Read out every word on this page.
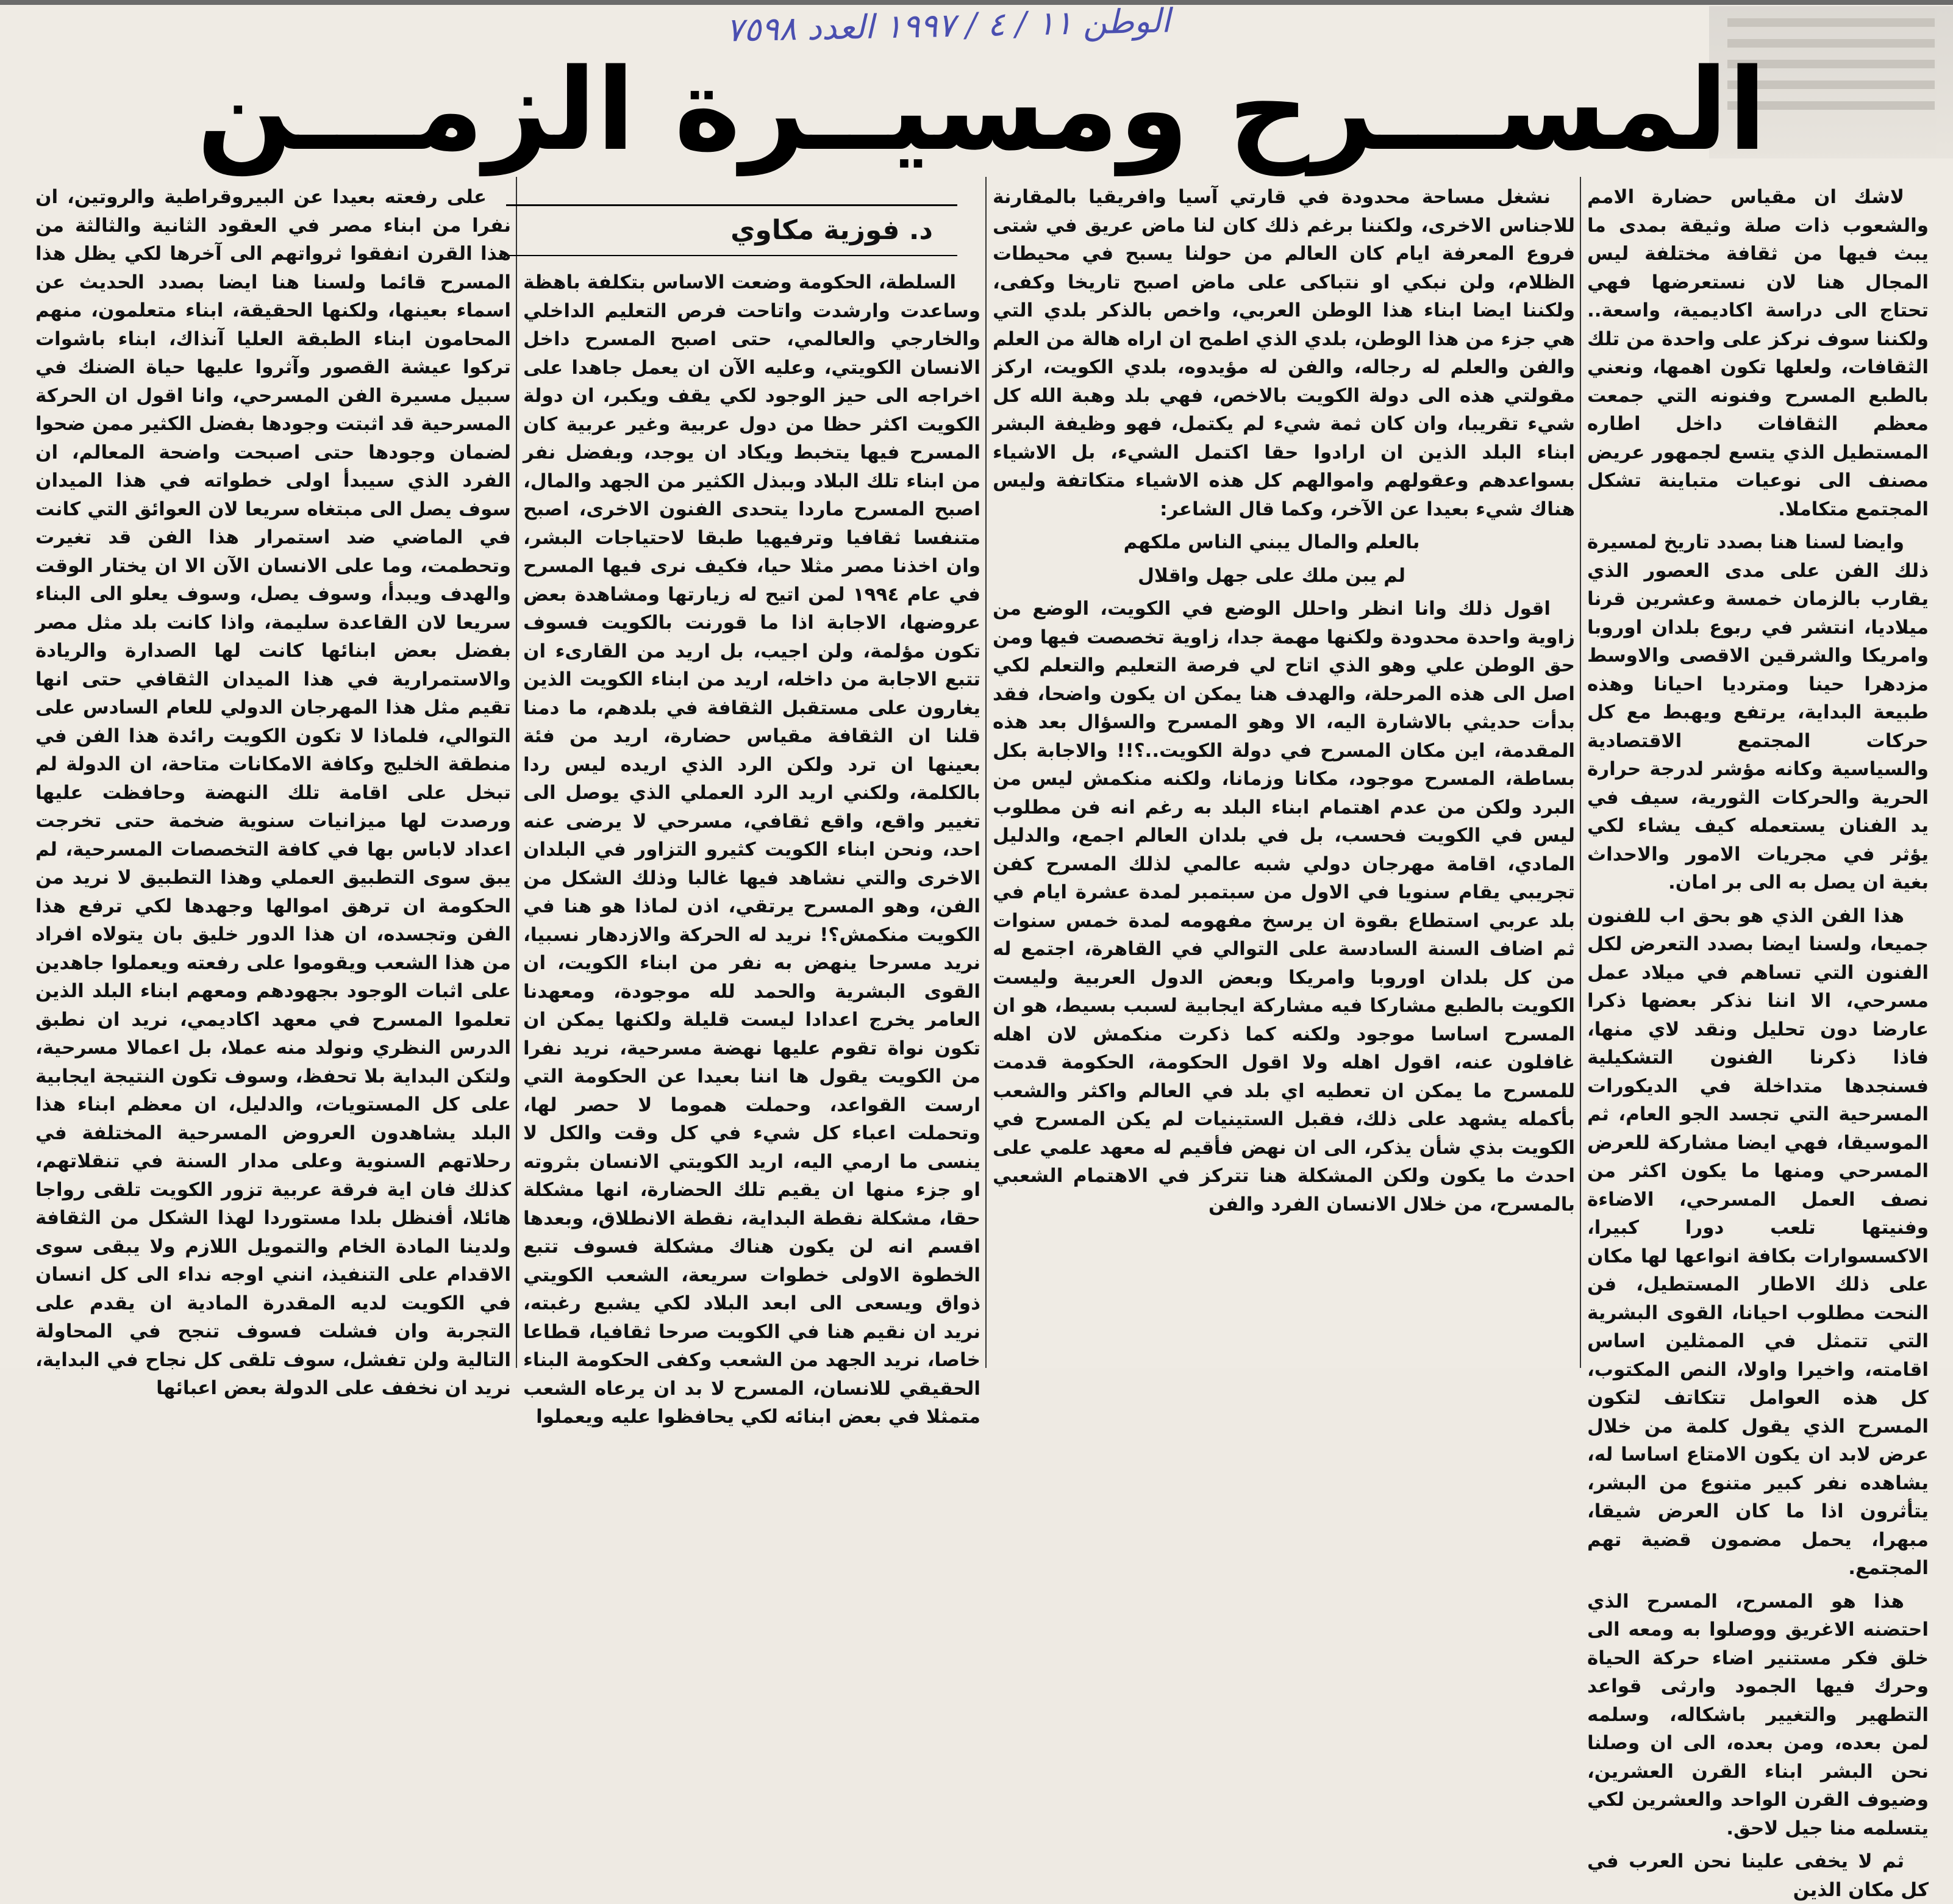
الوطن ١١ / ٤ / ١٩٩٧ العدد ٧٥٩٨
المســـرح ومسيــرة الزمـــن
د. فوزية مكاوي

لاشك ان مقياس حضارة الامم والشعوب ذات صلة وثيقة بمدى ما يبث فيها من ثقافة مختلفة ليس المجال هنا لان نستعرضها فهي تحتاج الى دراسة اكاديمية، واسعة.. ولكننا سوف نركز على واحدة من تلك الثقافات، ولعلها تكون اهمها، ونعني بالطبع المسرح وفنونه التي جمعت معظم الثقافات داخل اطاره المستطيل الذي يتسع لجمهور عريض مصنف الى نوعيات متباينة تشكل المجتمع متكاملا.

وايضا لسنا هنا بصدد تاريخ لمسيرة ذلك الفن على مدى العصور الذي يقارب بالزمان خمسة وعشرين قرنا ميلاديا، انتشر في ربوع بلدان اوروبا وامريكا والشرقين الاقصى والاوسط مزدهرا حينا ومترديا احيانا وهذه طبيعة البداية، يرتفع ويهبط مع كل حركات المجتمع الاقتصادية والسياسية وكانه مؤشر لدرجة حرارة الحرية والحركات الثورية، سيف في يد الفنان يستعمله كيف يشاء لكي يؤثر في مجريات الامور والاحداث بغية ان يصل به الى بر امان.

هذا الفن الذي هو بحق اب للفنون جميعا، ولسنا ايضا بصدد التعرض لكل الفنون التي تساهم في ميلاد عمل مسرحي، الا اننا نذكر بعضها ذكرا عارضا دون تحليل ونقد لاي منها، فاذا ذكرنا الفنون التشكيلية فسنجدها متداخلة في الديكورات المسرحية التي تجسد الجو العام، ثم الموسيقا، فهي ايضا مشاركة للعرض المسرحي ومنها ما يكون اكثر من نصف العمل المسرحي، الاضاءة وفنيتها تلعب دورا كبيرا، الاكسسوارات بكافة انواعها لها مكان على ذلك الاطار المستطيل، فن النحت مطلوب احيانا، القوى البشرية التي تتمثل في الممثلين اساس اقامته، واخيرا واولا، النص المكتوب، كل هذه العوامل تتكاتف لتكون المسرح الذي يقول كلمة من خلال عرض لابد ان يكون الامتاع اساسا له، يشاهده نفر كبير متنوع من البشر، يتأثرون اذا ما كان العرض شيقا، مبهرا، يحمل مضمون قضية تهم المجتمع.

هذا هو المسرح، المسرح الذي احتضنه الاغريق ووصلوا به ومعه الى خلق فكر مستنير اضاء حركة الحياة وحرك فيها الجمود وارثى قواعد التطهير والتغيير باشكاله، وسلمه لمن بعده، ومن بعده، الى ان وصلنا نحن البشر ابناء القرن العشرين، وضيوف القرن الواحد والعشرين لكي يتسلمه منا جيل لاحق.

ثم لا يخفى علينا نحن العرب في كل مكان الذين

نشغل مساحة محدودة في قارتي آسيا وافريقيا بالمقارنة للاجناس الاخرى، ولكننا برغم ذلك كان لنا ماض عريق في شتى فروع المعرفة ايام كان العالم من حولنا يسبح في محيطات الظلام، ولن نبكي او نتباكى على ماض اصبح تاريخا وكفى، ولكننا ايضا ابناء هذا الوطن العربي، واخص بالذكر بلدي التي هي جزء من هذا الوطن، بلدي الذي اطمح ان اراه هالة من العلم والفن والعلم له رجاله، والفن له مؤيدوه، بلدي الكويت، اركز مقولتي هذه الى دولة الكويت بالاخص، فهي بلد وهبة الله كل شيء تقريبا، وان كان ثمة شيء لم يكتمل، فهو وظيفة البشر ابناء البلد الذين ان ارادوا حقا اكتمل الشيء، بل الاشياء بسواعدهم وعقولهم واموالهم كل هذه الاشياء متكاتفة وليس هناك شيء بعيدا عن الآخر، وكما قال الشاعر:

بالعلم والمال يبني الناس ملكهم

لم يبن ملك على جهل واقلال

اقول ذلك وانا انظر واحلل الوضع في الكويت، الوضع من زاوية واحدة محدودة ولكنها مهمة جدا، زاوية تخصصت فيها ومن حق الوطن علي وهو الذي اتاح لي فرصة التعليم والتعلم لكي اصل الى هذه المرحلة، والهدف هنا يمكن ان يكون واضحا، فقد بدأت حديثي بالاشارة اليه، الا وهو المسرح والسؤال بعد هذه المقدمة، اين مكان المسرح في دولة الكويت..؟!! والاجابة بكل بساطة، المسرح موجود، مكانا وزمانا، ولكنه منكمش ليس من البرد ولكن من عدم اهتمام ابناء البلد به رغم انه فن مطلوب ليس في الكويت فحسب، بل في بلدان العالم اجمع، والدليل المادي، اقامة مهرجان دولي شبه عالمي لذلك المسرح كفن تجريبي يقام سنويا في الاول من سبتمبر لمدة عشرة ايام في بلد عربي استطاع بقوة ان يرسخ مفهومه لمدة خمس سنوات ثم اضاف السنة السادسة على التوالي في القاهرة، اجتمع له من كل بلدان اوروبا وامريكا وبعض الدول العربية وليست الكويت بالطبع مشاركا فيه مشاركة ايجابية لسبب بسيط، هو ان المسرح اساسا موجود ولكنه كما ذكرت منكمش لان اهله غافلون عنه، اقول اهله ولا اقول الحكومة، الحكومة قدمت للمسرح ما يمكن ان تعطيه اي بلد في العالم واكثر والشعب بأكمله يشهد على ذلك، فقبل الستينيات لم يكن المسرح في الكويت بذي شأن يذكر، الى ان نهض فأقيم له معهد علمي على احدث ما يكون ولكن المشكلة هنا تتركز في الاهتمام الشعبي بالمسرح، من خلال الانسان الفرد والفن

السلطة، الحكومة وضعت الاساس بتكلفة باهظة وساعدت وارشدت واتاحت فرص التعليم الداخلي والخارجي والعالمي، حتى اصبح المسرح داخل الانسان الكويتي، وعليه الآن ان يعمل جاهدا على اخراجه الى حيز الوجود لكي يقف ويكبر، ان دولة الكويت اكثر حظا من دول عربية وغير عربية كان المسرح فيها يتخبط ويكاد ان يوجد، وبفضل نفر من ابناء تلك البلاد وببذل الكثير من الجهد والمال، اصبح المسرح ماردا يتحدى الفنون الاخرى، اصبح متنفسا ثقافيا وترفيهيا طبقا لاحتياجات البشر، وان اخذنا مصر مثلا حيا، فكيف نرى فيها المسرح في عام ١٩٩٤ لمن اتيح له زيارتها ومشاهدة بعض عروضها، الاجابة اذا ما قورنت بالكويت فسوف تكون مؤلمة، ولن اجيب، بل اريد من القارىء ان تتبع الاجابة من داخله، اريد من ابناء الكويت الذين يغارون على مستقبل الثقافة في بلدهم، ما دمنا قلنا ان الثقافة مقياس حضارة، اريد من فئة بعينها ان ترد ولكن الرد الذي اريده ليس ردا بالكلمة، ولكني اريد الرد العملي الذي يوصل الى تغيير واقع، واقع ثقافي، مسرحي لا يرضى عنه احد، ونحن ابناء الكويت كثيرو التزاور في البلدان الاخرى والتي نشاهد فيها غالبا وذلك الشكل من الفن، وهو المسرح يرتقي، اذن لماذا هو هنا في الكويت منكمش؟! نريد له الحركة والازدهار نسبيا، نريد مسرحا ينهض به نفر من ابناء الكويت، ان القوى البشرية والحمد لله موجودة، ومعهدنا العامر يخرج اعدادا ليست قليلة ولكنها يمكن ان تكون نواة تقوم عليها نهضة مسرحية، نريد نفرا من الكويت يقول ها اننا بعيدا عن الحكومة التي ارست القواعد، وحملت هموما لا حصر لها، وتحملت اعباء كل شيء في كل وقت والكل لا ينسى ما ارمي اليه، اريد الكويتي الانسان بثروته او جزء منها ان يقيم تلك الحضارة، انها مشكلة حقا، مشكلة نقطة البداية، نقطة الانطلاق، وبعدها اقسم انه لن يكون هناك مشكلة فسوف تتبع الخطوة الاولى خطوات سريعة، الشعب الكويتي ذواق ويسعى الى ابعد البلاد لكي يشبع رغبته، نريد ان نقيم هنا في الكويت صرحا ثقافيا، قطاعا خاصا، نريد الجهد من الشعب وكفى الحكومة البناء الحقيقي للانسان، المسرح لا بد ان يرعاه الشعب متمثلا في بعض ابنائه لكي يحافظوا عليه ويعملوا

على رفعته بعيدا عن البيروقراطية والروتين، ان نفرا من ابناء مصر في العقود الثانية والثالثة من هذا القرن انفقوا ثرواتهم الى آخرها لكي يظل هذا المسرح قائما ولسنا هنا ايضا بصدد الحديث عن اسماء بعينها، ولكنها الحقيقة، ابناء متعلمون، منهم المحامون ابناء الطبقة العليا آنذاك، ابناء باشوات تركوا عيشة القصور وآثروا عليها حياة الضنك في سبيل مسيرة الفن المسرحي، وانا اقول ان الحركة المسرحية قد اثبتت وجودها بفضل الكثير ممن ضحوا لضمان وجودها حتى اصبحت واضحة المعالم، ان الفرد الذي سيبدأ اولى خطواته في هذا الميدان سوف يصل الى مبتغاه سريعا لان العوائق التي كانت في الماضي ضد استمرار هذا الفن قد تغيرت وتحطمت، وما على الانسان الآن الا ان يختار الوقت والهدف ويبدأ، وسوف يصل، وسوف يعلو الى البناء سريعا لان القاعدة سليمة، واذا كانت بلد مثل مصر بفضل بعض ابنائها كانت لها الصدارة والريادة والاستمرارية في هذا الميدان الثقافي حتى انها تقيم مثل هذا المهرجان الدولي للعام السادس على التوالي، فلماذا لا تكون الكويت رائدة هذا الفن في منطقة الخليج وكافة الامكانات متاحة، ان الدولة لم تبخل على اقامة تلك النهضة وحافظت عليها ورصدت لها ميزانيات سنوية ضخمة حتى تخرجت اعداد لاباس بها في كافة التخصصات المسرحية، لم يبق سوى التطبيق العملي وهذا التطبيق لا نريد من الحكومة ان ترهق اموالها وجهدها لكي ترفع هذا الفن وتجسده، ان هذا الدور خليق بان يتولاه افراد من هذا الشعب ويقوموا على رفعته ويعملوا جاهدين على اثبات الوجود بجهودهم ومعهم ابناء البلد الذين تعلموا المسرح في معهد اكاديمي، نريد ان نطبق الدرس النظري ونولد منه عملا، بل اعمالا مسرحية، ولتكن البداية بلا تحفظ، وسوف تكون النتيجة ايجابية على كل المستويات، والدليل، ان معظم ابناء هذا البلد يشاهدون العروض المسرحية المختلفة في رحلاتهم السنوية وعلى مدار السنة في تنقلاتهم، كذلك فان اية فرقة عربية تزور الكويت تلقى رواجا هائلا، أفنظل بلدا مستوردا لهذا الشكل من الثقافة ولدينا المادة الخام والتمويل اللازم ولا يبقى سوى الاقدام على التنفيذ، انني اوجه نداء الى كل انسان في الكويت لديه المقدرة المادية ان يقدم على التجربة وان فشلت فسوف تنجح في المحاولة التالية ولن تفشل، سوف تلقى كل نجاح في البداية، نريد ان نخفف على الدولة بعض اعبائها
